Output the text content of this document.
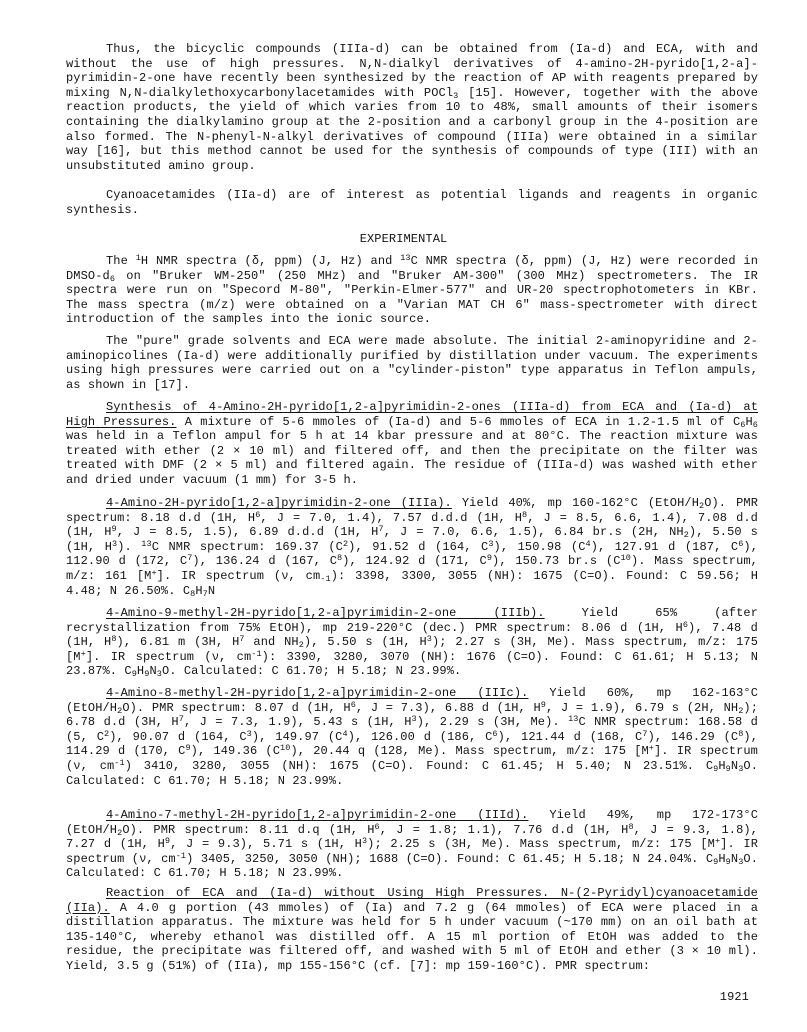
Thus, the bicyclic compounds (IIIa-d) can be obtained from (Ia-d) and ECA, with and without the use of high pressures. N,N-dialkyl derivatives of 4-amino-2H-pyrido[1,2-a]-pyrimidin-2-one have recently been synthesized by the reaction of AP with reagents prepared by mixing N,N-dialkylethoxycarbonylacetamides with POCl$_3$ [15]. However, together with the above reaction products, the yield of which varies from 10 to 48%, small amounts of their isomers containing the dialkylamino group at the 2-position and a carbonyl group in the 4-position are also formed. The N-phenyl-N-alkyl derivatives of compound (IIIa) were obtained in a similar way [16], but this method cannot be used for the synthesis of compounds of type (III) with an unsubstituted amino group.

Cyanoacetamides (IIa-d) are of interest as potential ligands and reagents in organic synthesis.

EXPERIMENTAL

The $^1$H NMR spectra (δ, ppm) (J, Hz) and $^{13}$C NMR spectra (δ, ppm) (J, Hz) were recorded in DMSO-$d_6$ on "Bruker WM-250" (250 MHz) and "Bruker AM-300" (300 MHz) spectrometers. The IR spectra were run on "Specord M-80", "Perkin-Elmer-577" and UR-20 spectrophotometers in KBr. The mass spectra (m/z) were obtained on a "Varian MAT CH 6" mass-spectrometer with direct introduction of the samples into the ionic source.

The "pure" grade solvents and ECA were made absolute. The initial 2-aminopyridine and 2-aminopicolines (Ia-d) were additionally purified by distillation under vacuum. The experiments using high pressures were carried out on a "cylinder-piston" type apparatus in Teflon ampuls, as shown in [17].

Synthesis of 4-Amino-2H-pyrido[1,2-a]pyrimidin-2-ones (IIIa-d) from ECA and (Ia-d) at High Pressures. A mixture of 5-6 mmoles of (Ia-d) and 5-6 mmoles of ECA in 1.2-1.5 ml of $C_6H_6$ was held in a Teflon ampul for 5 h at 14 kbar pressure and at 80°C. The reaction mixture was treated with ether (2 × 10 ml) and filtered off, and then the precipitate on the filter was treated with DMF (2 × 5 ml) and filtered again. The residue of (IIIa-d) was washed with ether and dried under vacuum (1 mm) for 3-5 h.

4-Amino-2H-pyrido[1,2-a]pyrimidin-2-one (IIIa). Yield 40%, mp 160-162°C $(EtOH/H_2O)$. PMR spectrum: 8.18 d.d (1H, $H^6$, J = 7.0, 1.4), 7.57 d.d.d (1H, $H^8$, J = 8.5, 6.6, 1.4), 7.08 d.d (1H, $H^9$, J = 8.5, 1.5), 6.89 d.d.d (1H, $H^7$, J = 7.0, 6.6, 1.5), 6.84 br.s (2H, $NH_2$), 5.50 s (1H, $H^3$). $^{13}$C NMR spectrum: 169.37 $(C^2)$, 91.52 d (164, $C^3$), 150.98 $(C^4)$, 127.91 d (187, $C^6$), 112.90 d (172, $C^7$), 136.24 d (167, $C^8$), 124.92 d (171, $C^9$), 150.73 br.s $(C^{10})$. Mass spectrum, m/z: 161 [M+]. IR spectrum (ν, $cm_{-1}$): 3398, 3300, 3055 (NH): 1675 (C=O). Found: C 59.56; H 4.48; N 26.50%. $C_8H_7N$

4-Amino-9-methyl-2H-pyrido[1,2-a]pyrimidin-2-one (IIIb). Yield 65% (after recrystallization from 75% EtOH), mp 219-220°C (dec.) PMR spectrum: 8.06 d (1H, $H^6$), 7.48 d (1H, $H^8$), 6.81 m (3H, $H^7$ and $NH_2$), 5.50 s (1H, $H^3$); 2.27 s (3H, Me). Mass spectrum, m/z: 175 [M+]. IR spectrum (ν, $cm^{-1}$): 3390, 3280, 3070 (NH): 1676 (C=O). Found: C 61.61; H 5.13; N 23.87%. $C_9H_9N_3O$. Calculated: C 61.70; H 5.18; N 23.99%.

4-Amino-8-methyl-2H-pyrido[1,2-a]pyrimidin-2-one (IIIc). Yield 60%, mp 162-163°C $(EtOH/H_2O)$. PMR spectrum: 8.07 d (1H, $H^6$, J = 7.3), 6.88 d (1H, $H^9$, J = 1.9), 6.79 s (2H, $NH_2$); 6.78 d.d (3H, $H^7$, J = 7.3, 1.9), 5.43 s (1H, $H^3$), 2.29 s (3H, Me). $^{13}$C NMR spectrum: 168.58 d (5, $C^2$), 90.07 d (164, $C^3$), 149.97 $(C^4)$, 126.00 d (186, $C^6$), 121.44 d (168, $C^7$), 146.29 $(C^8)$, 114.29 d (170, $C^9$), 149.36 $(C^{10})$, 20.44 q (128, Me). Mass spectrum, m/z: 175 [M+]. IR spectrum (ν, $cm^{-1}$) 3410, 3280, 3055 (NH): 1675 (C=O). Found: C 61.45; H 5.40; N 23.51%. $C_9H_9N_3O$. Calculated: C 61.70; H 5.18; N 23.99%.

4-Amino-7-methyl-2H-pyrido[1,2-a]pyrimidin-2-one (IIId). Yield 49%, mp 172-173°C $(EtOH/H_2O)$. PMR spectrum: 8.11 d.q (1H, $H^6$, J = 1.8; 1.1), 7.76 d.d (1H, $H^8$, J = 9.3, 1.8), 7.27 d (1H, $H^9$, J = 9.3), 5.71 s (1H, $H^3$); 2.25 s (3H, Me). Mass spectrum, m/z: 175 [M+]. IR spectrum (ν, $cm^{-1}$) 3405, 3250, 3050 (NH); 1688 (C=O). Found: C 61.45; H 5.18; N 24.04%. $C_9H_9N_3O$. Calculated: C 61.70; H 5.18; N 23.99%.

Reaction of ECA and (Ia-d) without Using High Pressures. N-(2-Pyridyl)cyanoacetamide (IIa). A 4.0 g portion (43 mmoles) of (Ia) and 7.2 g (64 mmoles) of ECA were placed in a distillation apparatus. The mixture was held for 5 h under vacuum (~170 mm) on an oil bath at 135-140°C, whereby ethanol was distilled off. A 15 ml portion of EtOH was added to the residue, the precipitate was filtered off, and washed with 5 ml of EtOH and ether (3 × 10 ml). Yield, 3.5 g (51%) of (IIa), mp 155-156°C (cf. [7]: mp 159-160°C). PMR spectrum:

1921
